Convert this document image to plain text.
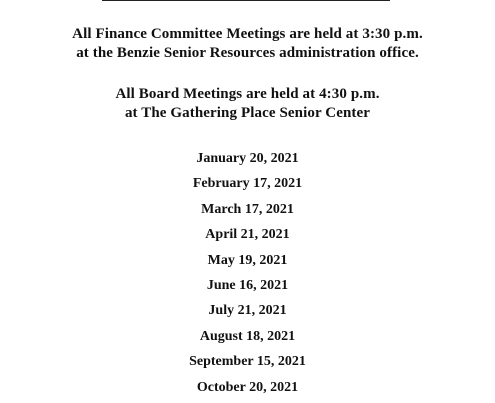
All Finance Committee Meetings are held at 3:30 p.m.
at the Benzie Senior Resources administration office.
All Board Meetings are held at 4:30 p.m.
at The Gathering Place Senior Center
January 20, 2021
February 17, 2021
March 17, 2021
April 21, 2021
May 19, 2021
June 16, 2021
July 21, 2021
August 18, 2021
September 15, 2021
October 20, 2021
